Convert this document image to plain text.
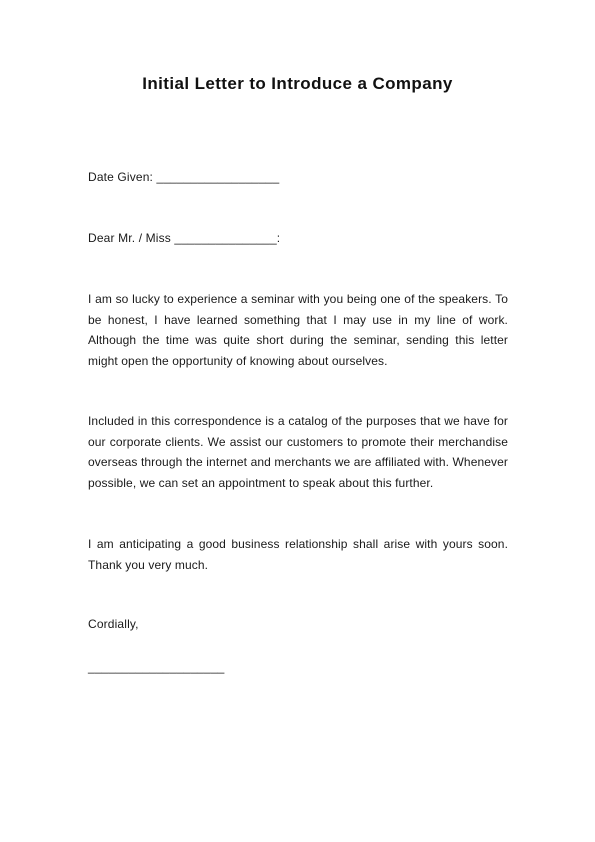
Initial Letter to Introduce a Company
Date Given: __________________
Dear Mr. / Miss _______________:

I am so lucky to experience a seminar with you being one of the speakers. To be honest, I have learned something that I may use in my line of work. Although the time was quite short during the seminar, sending this letter might open the opportunity of knowing about ourselves.

Included in this correspondence is a catalog of the purposes that we have for our corporate clients. We assist our customers to promote their merchandise overseas through the internet and merchants we are affiliated with. Whenever possible, we can set an appointment to speak about this further.

I am anticipating a good business relationship shall arise with yours soon. Thank you very much.

Cordially,
____________________
